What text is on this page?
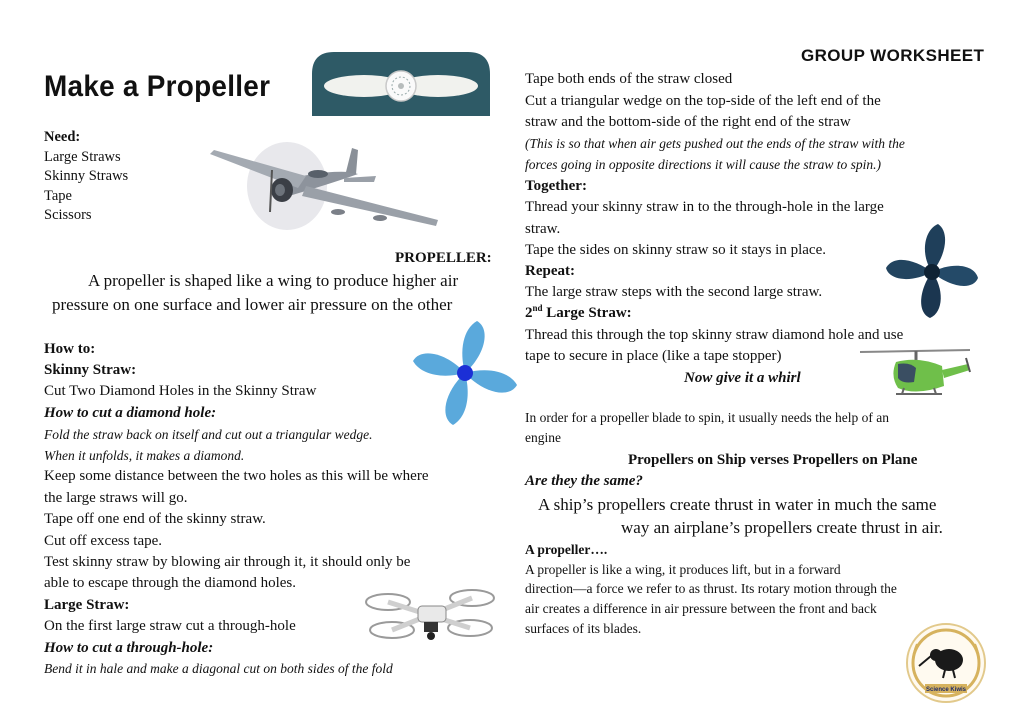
Make a Propeller
GROUP WORKSHEET
Need:
Large Straws
Skinny Straws
Tape
Scissors
PROPELLER:
A propeller is shaped like a wing to produce higher air
pressure on one surface and lower air pressure on the other
How to:
Skinny Straw:
Cut Two Diamond Holes in the Skinny Straw
How to cut a diamond hole:
Fold the straw back on itself and cut out a triangular wedge.
When it unfolds, it makes a diamond.
Keep some distance between the two holes as this will be where
the large straws will go.
Tape off one end of the skinny straw.
Cut off excess tape.
Test skinny straw by blowing air through it, it should only be
able to escape through the diamond holes.
Large Straw:
On the first large straw cut a through-hole
How to cut a through-hole:
Bend it in hale and make a diagonal cut on both sides of the fold
Tape both ends of the straw closed
Cut a triangular wedge on the top-side of the left end of the
straw and the bottom-side of the right end of the straw
(This is so that when air gets pushed out the ends of the straw with the
forces going in opposite directions it will cause the straw to spin.)
Together:
Thread your skinny straw in to the through-hole in the large
straw.
Tape the sides on skinny straw so it stays in place.
Repeat:
The large straw steps with the second large straw.
2nd Large Straw:
Thread this through the top skinny straw diamond hole and use
tape to secure in place (like a tape stopper)
Now give it a whirl
In order for a propeller blade to spin, it usually needs the help of an
engine
Propellers on Ship verses Propellers on Plane
Are they the same?
A ship’s propellers create thrust in water in much the same
way an airplane’s propellers create thrust in air.
A propeller….
A propeller is like a wing, it produces lift, but in a forward
direction—a force we refer to as thrust. Its rotary motion through the
air creates a difference in air pressure between the front and back
surfaces of its blades.
Science Kiwis
